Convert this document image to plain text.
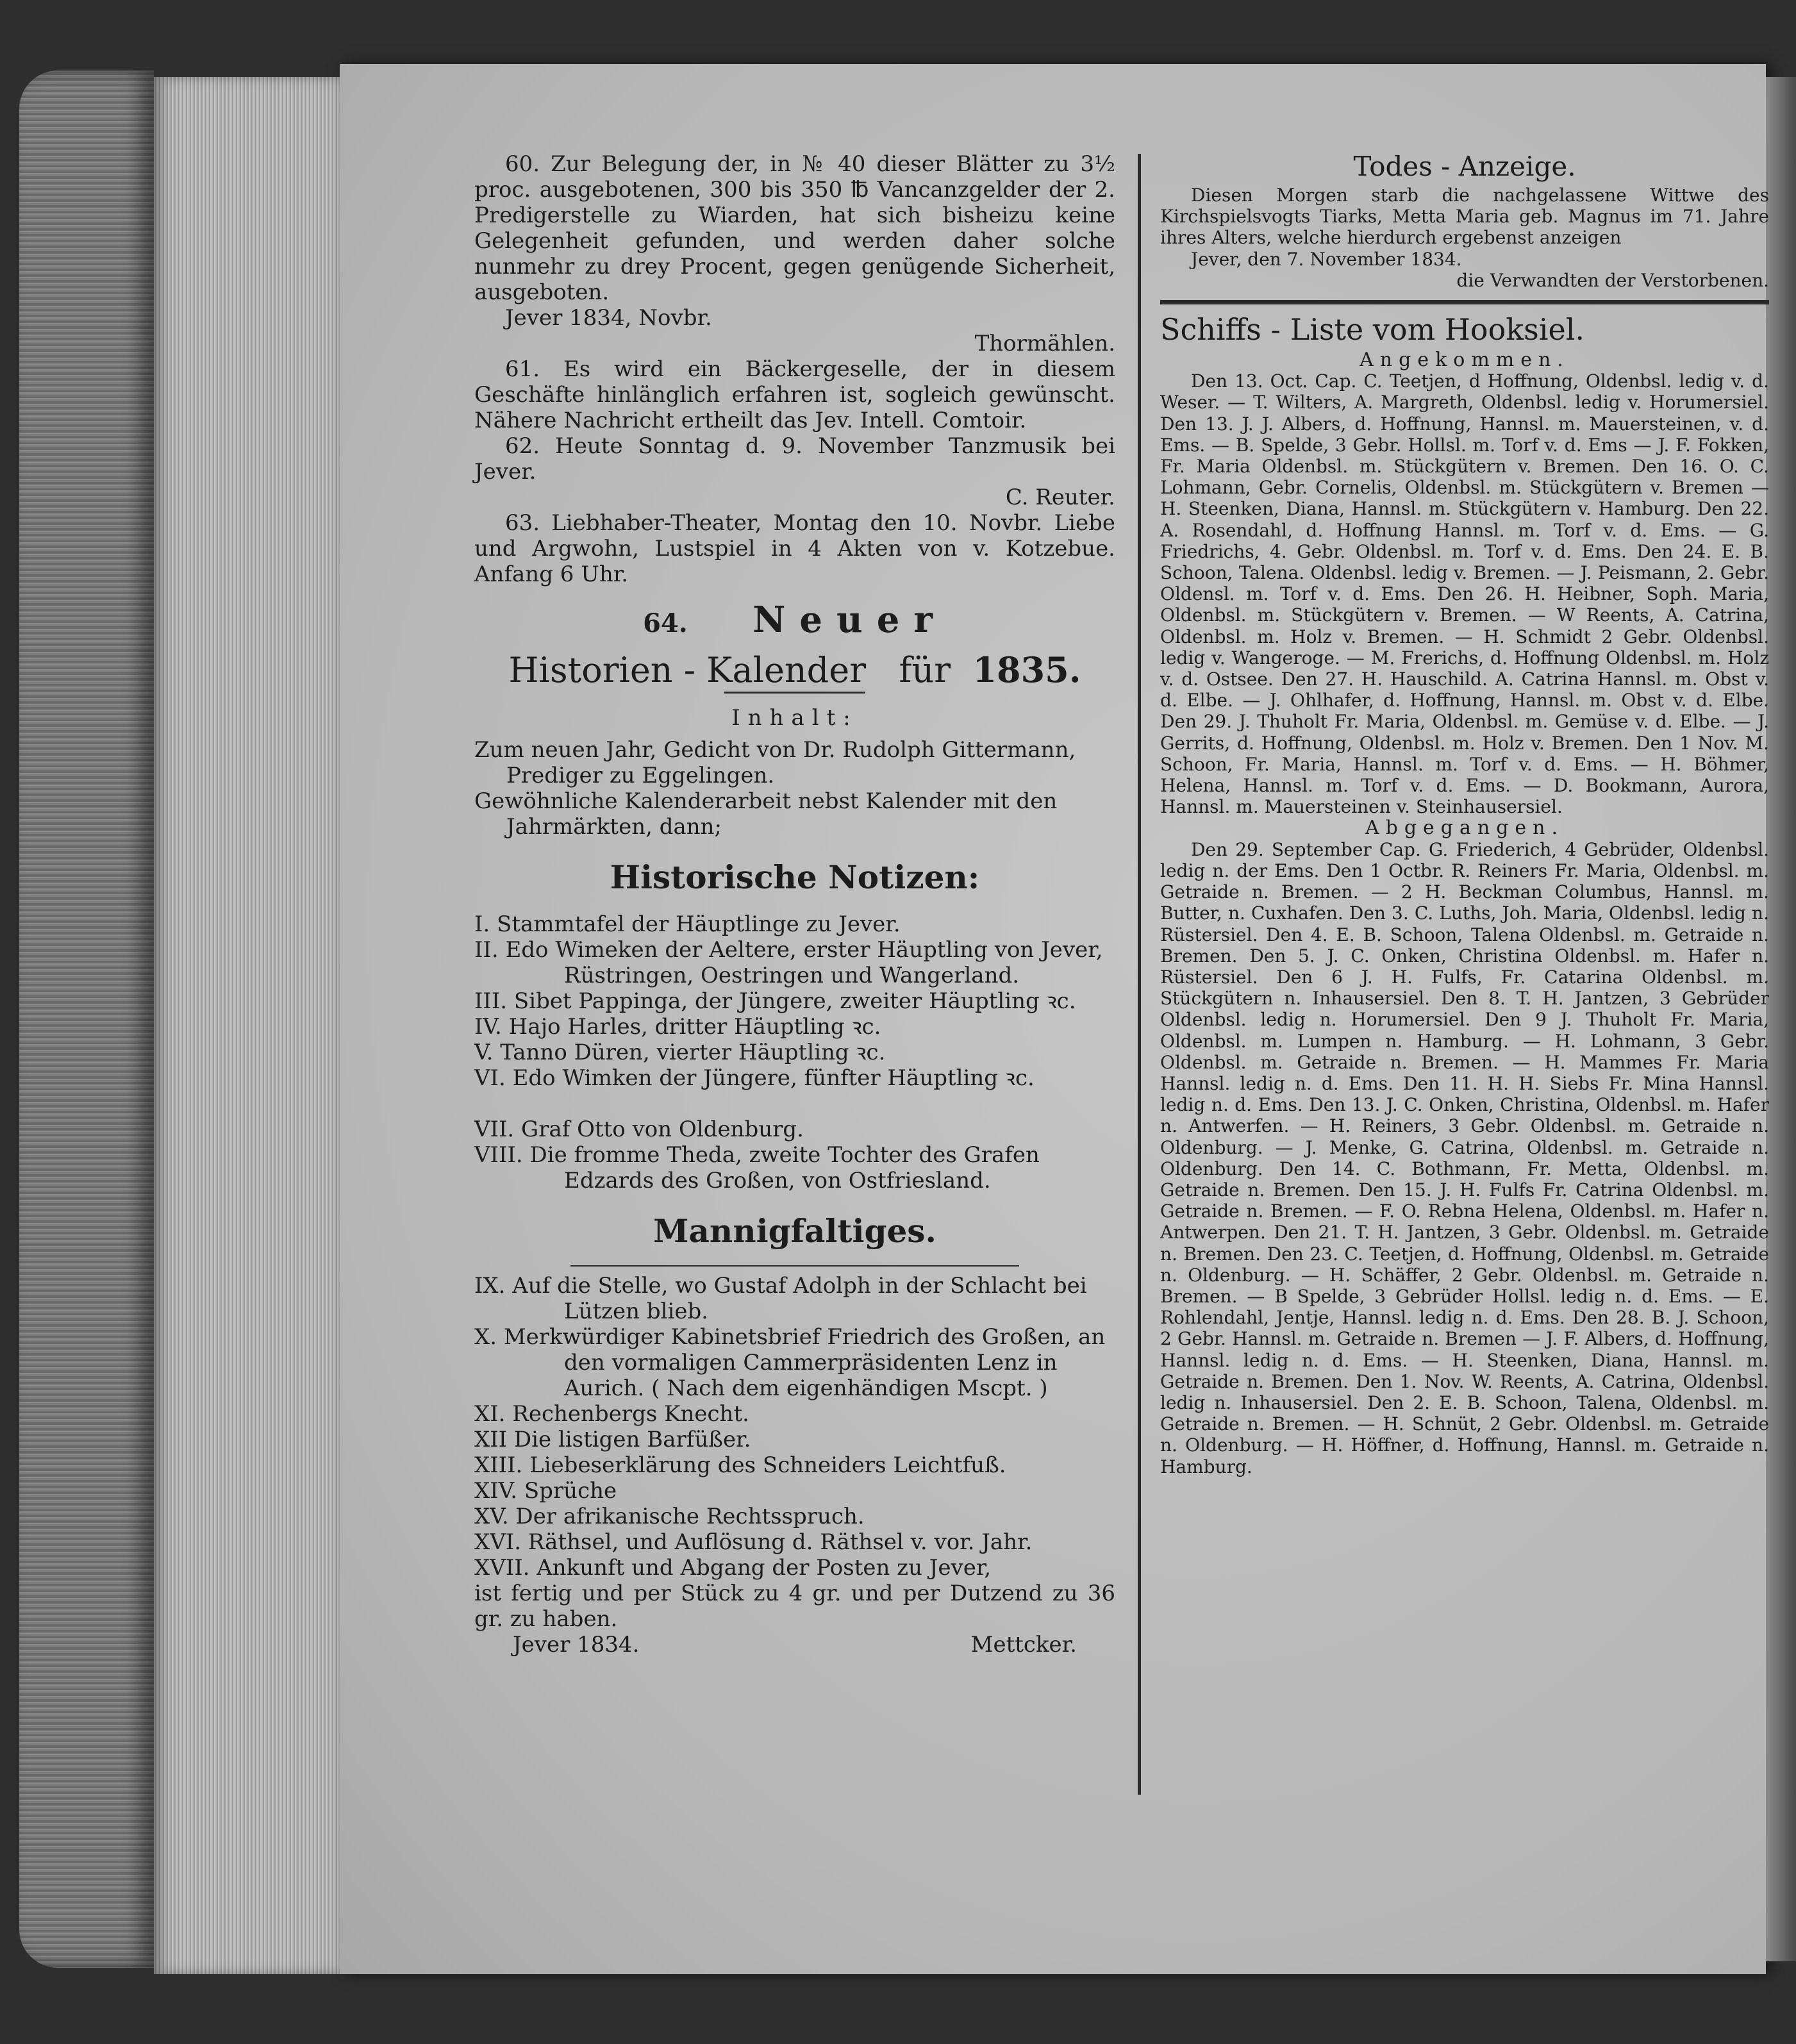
60. Zur Belegung der, in № 40 dieser Blätter zu 3½ proc. ausgebotenen, 300 bis 350 ℔ Vancanzgelder der 2. Predigerstelle zu Wiarden, hat sich bisheizu keine Gelegenheit gefunden, und werden daher solche nunmehr zu drey Procent, gegen genügende Sicherheit, ausgeboten.

Jever 1834, Novbr.

Thormählen.

61. Es wird ein Bäckergeselle, der in diesem Geschäfte hinlänglich erfahren ist, sogleich gewünscht. Nähere Nachricht ertheilt das Jev. Intell. Comtoir.

62. Heute Sonntag d. 9. November Tanzmusik bei Jever.

C. Reuter.

63. Liebhaber-Theater, Montag den 10. Novbr. Liebe und Argwohn, Lustspiel in 4 Akten von v. Kotzebue. Anfang 6 Uhr.

64. Neuer

Historien - Kalender für 1835.

Inhalt:

Zum neuen Jahr, Gedicht von Dr. Rudolph Gittermann, Prediger zu Eggelingen.

Gewöhnliche Kalenderarbeit nebst Kalender mit den Jahrmärkten, dann;

Historische Notizen:

I. Stammtafel der Häuptlinge zu Jever.

II. Edo Wimeken der Aeltere, erster Häuptling von Jever, Rüstringen, Oestringen und Wangerland.

III. Sibet Pappinga, der Jüngere, zweiter Häuptling ꝛc.

IV. Hajo Harles, dritter Häuptling ꝛc.

V. Tanno Düren, vierter Häuptling ꝛc.

VI. Edo Wimken der Jüngere, fünfter Häuptling ꝛc.

VII. Graf Otto von Oldenburg.

VIII. Die fromme Theda, zweite Tochter des Grafen Edzards des Großen, von Ostfriesland.

Mannigfaltiges.

IX. Auf die Stelle, wo Gustaf Adolph in der Schlacht bei Lützen blieb.

X. Merkwürdiger Kabinetsbrief Friedrich des Großen, an den vormaligen Cammerpräsidenten Lenz in Aurich. ( Nach dem eigenhändigen Mscpt. )

XI. Rechenbergs Knecht.

XII Die listigen Barfüßer.

XIII. Liebeserklärung des Schneiders Leichtfuß.

XIV. Sprüche

XV. Der afrikanische Rechtsspruch.

XVI. Räthsel, und Auflösung d. Räthsel v. vor. Jahr.

XVII. Ankunft und Abgang der Posten zu Jever,

ist fertig und per Stück zu 4 gr. und per Dutzend zu 36 gr. zu haben.

Jever 1834.	Mettcker.

Todes - Anzeige.

Diesen Morgen starb die nachgelassene Wittwe des Kirchspielsvogts Tiarks, Metta Maria geb. Magnus im 71. Jahre ihres Alters, welche hierdurch ergebenst anzeigen

Jever, den 7. November 1834.

die Verwandten der Verstorbenen.

Schiffs - Liste vom Hooksiel.

Angekommen.

Den 13. Oct. Cap. C. Teetjen, d Hoffnung, Oldenbsl. ledig v. d. Weser. — T. Wilters, A. Margreth, Oldenbsl. ledig v. Horumersiel. Den 13. J. J. Albers, d. Hoffnung, Hannsl. m. Mauersteinen, v. d. Ems. — B. Spelde, 3 Gebr. Hollsl. m. Torf v. d. Ems — J. F. Fokken, Fr. Maria Oldenbsl. m. Stückgütern v. Bremen. Den 16. O. C. Lohmann, Gebr. Cornelis, Oldenbsl. m. Stückgütern v. Bremen — H. Steenken, Diana, Hannsl. m. Stückgütern v. Hamburg. Den 22. A. Rosendahl, d. Hoffnung Hannsl. m. Torf v. d. Ems. — G. Friedrichs, 4. Gebr. Oldenbsl. m. Torf v. d. Ems. Den 24. E. B. Schoon, Talena. Oldenbsl. ledig v. Bremen. — J. Peismann, 2. Gebr. Oldensl. m. Torf v. d. Ems. Den 26. H. Heibner, Soph. Maria, Oldenbsl. m. Stückgütern v. Bremen. — W Reents, A. Catrina, Oldenbsl. m. Holz v. Bremen. — H. Schmidt 2 Gebr. Oldenbsl. ledig v. Wangeroge. — M. Frerichs, d. Hoffnung Oldenbsl. m. Holz v. d. Ostsee. Den 27. H. Hauschild. A. Catrina Hannsl. m. Obst v. d. Elbe. — J. Ohlhafer, d. Hoffnung, Hannsl. m. Obst v. d. Elbe. Den 29. J. Thuholt Fr. Maria, Oldenbsl. m. Gemüse v. d. Elbe. — J. Gerrits, d. Hoffnung, Oldenbsl. m. Holz v. Bremen. Den 1 Nov. M. Schoon, Fr. Maria, Hannsl. m. Torf v. d. Ems. — H. Böhmer, Helena, Hannsl. m. Torf v. d. Ems. — D. Bookmann, Aurora, Hannsl. m. Mauersteinen v. Steinhausersiel.

Abgegangen.

Den 29. September Cap. G. Friederich, 4 Gebrüder, Oldenbsl. ledig n. der Ems. Den 1 Octbr. R. Reiners Fr. Maria, Oldenbsl. m. Getraide n. Bremen. — 2 H. Beckman Columbus, Hannsl. m. Butter, n. Cuxhafen. Den 3. C. Luths, Joh. Maria, Oldenbsl. ledig n. Rüstersiel. Den 4. E. B. Schoon, Talena Oldenbsl. m. Getraide n. Bremen. Den 5. J. C. Onken, Christina Oldenbsl. m. Hafer n. Rüstersiel. Den 6 J. H. Fulfs, Fr. Catarina Oldenbsl. m. Stückgütern n. Inhausersiel. Den 8. T. H. Jantzen, 3 Gebrüder Oldenbsl. ledig n. Horumersiel. Den 9 J. Thuholt Fr. Maria, Oldenbsl. m. Lumpen n. Hamburg. — H. Lohmann, 3 Gebr. Oldenbsl. m. Getraide n. Bremen. — H. Mammes Fr. Maria Hannsl. ledig n. d. Ems. Den 11. H. H. Siebs Fr. Mina Hannsl. ledig n. d. Ems. Den 13. J. C. Onken, Christina, Oldenbsl. m. Hafer n. Antwerfen. — H. Reiners, 3 Gebr. Oldenbsl. m. Getraide n. Oldenburg. — J. Menke, G. Catrina, Oldenbsl. m. Getraide n. Oldenburg. Den 14. C. Bothmann, Fr. Metta, Oldenbsl. m. Getraide n. Bremen. Den 15. J. H. Fulfs Fr. Catrina Oldenbsl. m. Getraide n. Bremen. — F. O. Rebna Helena, Oldenbsl. m. Hafer n. Antwerpen. Den 21. T. H. Jantzen, 3 Gebr. Oldenbsl. m. Getraide n. Bremen. Den 23. C. Teetjen, d. Hoffnung, Oldenbsl. m. Getraide n. Oldenburg. — H. Schäffer, 2 Gebr. Oldenbsl. m. Getraide n. Bremen. — B Spelde, 3 Gebrüder Hollsl. ledig n. d. Ems. — E. Rohlendahl, Jentje, Hannsl. ledig n. d. Ems. Den 28. B. J. Schoon, 2 Gebr. Hannsl. m. Getraide n. Bremen — J. F. Albers, d. Hoffnung, Hannsl. ledig n. d. Ems. — H. Steenken, Diana, Hannsl. m. Getraide n. Bremen. Den 1. Nov. W. Reents, A. Catrina, Oldenbsl. ledig n. Inhausersiel. Den 2. E. B. Schoon, Talena, Oldenbsl. m. Getraide n. Bremen. — H. Schnüt, 2 Gebr. Oldenbsl. m. Getraide n. Oldenburg. — H. Höffner, d. Hoffnung, Hannsl. m. Getraide n. Hamburg.
